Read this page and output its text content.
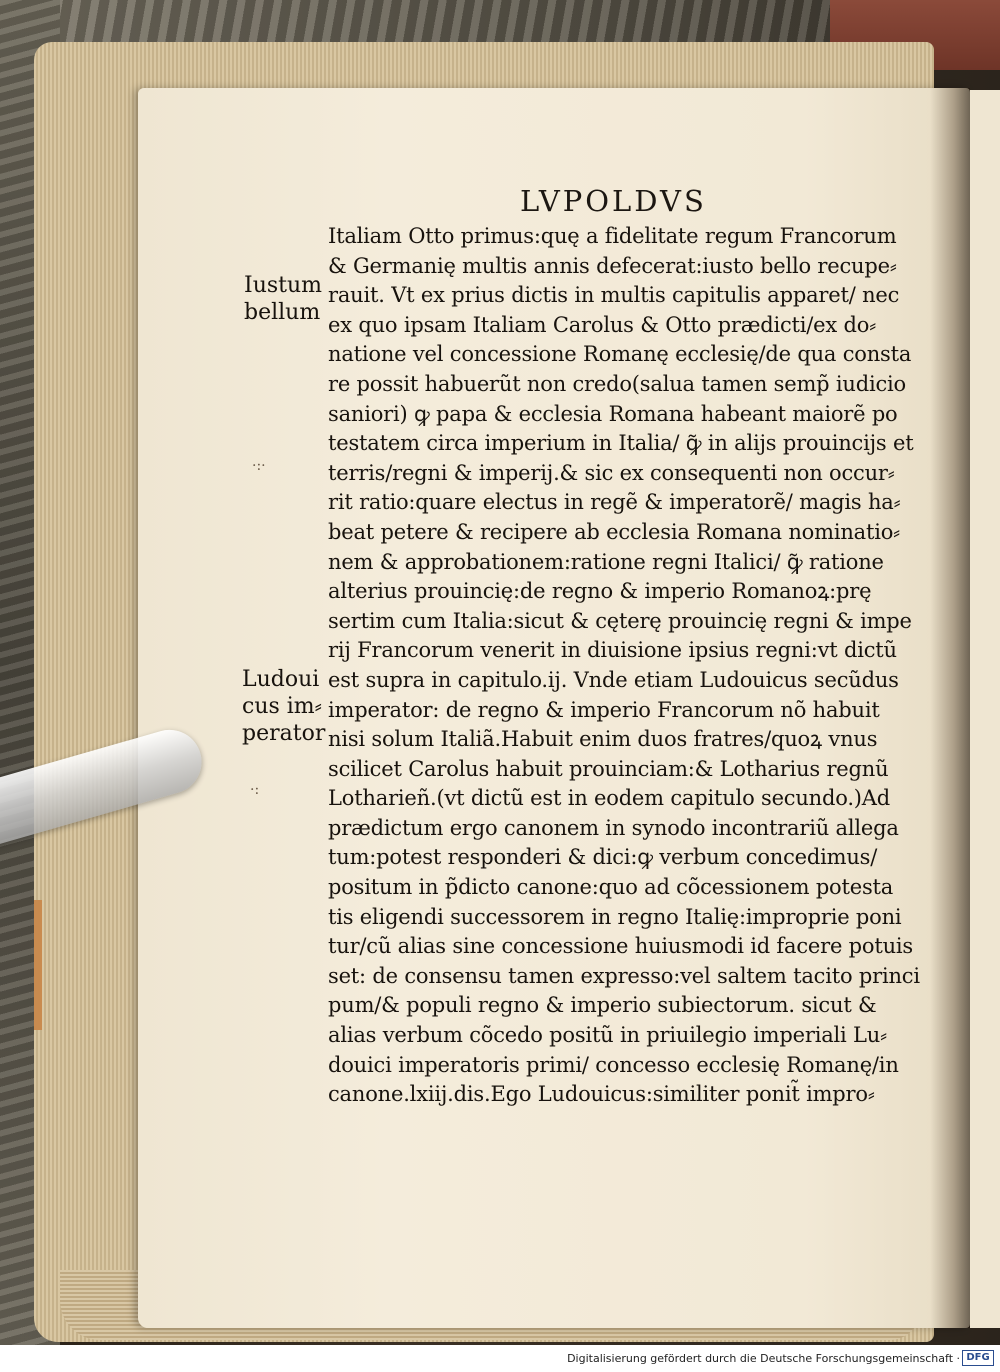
LVPOLDVS
Iustum
bellum
Ludoui
cus im⸗
perator
·:·
·:
Italiam Otto primus:quę a fidelitate regum Francorum
& Germanię multis annis defecerat:iusto bello recupe⸗
rauit. Vt ex prius dictis in multis capitulis apparet/ nec
ex quo ipsam Italiam Carolus & Otto prædicti/ex do⸗
natione vel concessione Romanę ecclesię/de qua consta
re possit habuerũt non credo(salua tamen semp̃ iudicio
saniori) ꝙ papa & ecclesia Romana habeant maiorẽ po
testatem circa imperium in Italia/ ꝙ̃ in alijs prouincijs et
terris/regni & imperij.& sic ex consequenti non occur⸗
rit ratio:quare electus in regẽ & imperatorẽ/ magis ha⸗
beat petere & recipere ab ecclesia Romana nominatio⸗
nem & approbationem:ratione regni Italici/ ꝙ̃ ratione
alterius prouincię:de regno & imperio Romanoꝝ:prę
sertim cum Italia:sicut & cęterę prouincię regni & impe
rij Francorum venerit in diuisione ipsius regni:vt dictũ
est supra in capitulo.ij. Vnde etiam Ludouicus secũdus
imperator: de regno & imperio Francorum nõ habuit
nisi solum Italiã.Habuit enim duos fratres/quoꝝ vnus
scilicet Carolus habuit prouinciam:& Lotharius regnũ
Lotharieñ.(vt dictũ est in eodem capitulo secundo.)Ad
prædictum ergo canonem in synodo incontrariũ allega
tum:potest responderi & dici:ꝙ verbum concedimus/
positum in p̃dicto canone:quo ad cõcessionem potesta
tis eligendi successorem in regno Italię:improprie poni
tur/cũ alias sine concessione huiusmodi id facere potuis
set: de consensu tamen expresso:vel saltem tacito princi
pum/& populi regno & imperio subiectorum. sicut &
alias verbum cõcedo positũ in priuilegio imperiali Lu⸗
douici imperatoris primi/ concesso ecclesię Romanę/in
canone.lxiij.dis.Ego Ludouicus:similiter ponit̃ impro⸗
Digitalisierung gefördert durch die Deutsche Forschungsgemeinschaft · DFG
